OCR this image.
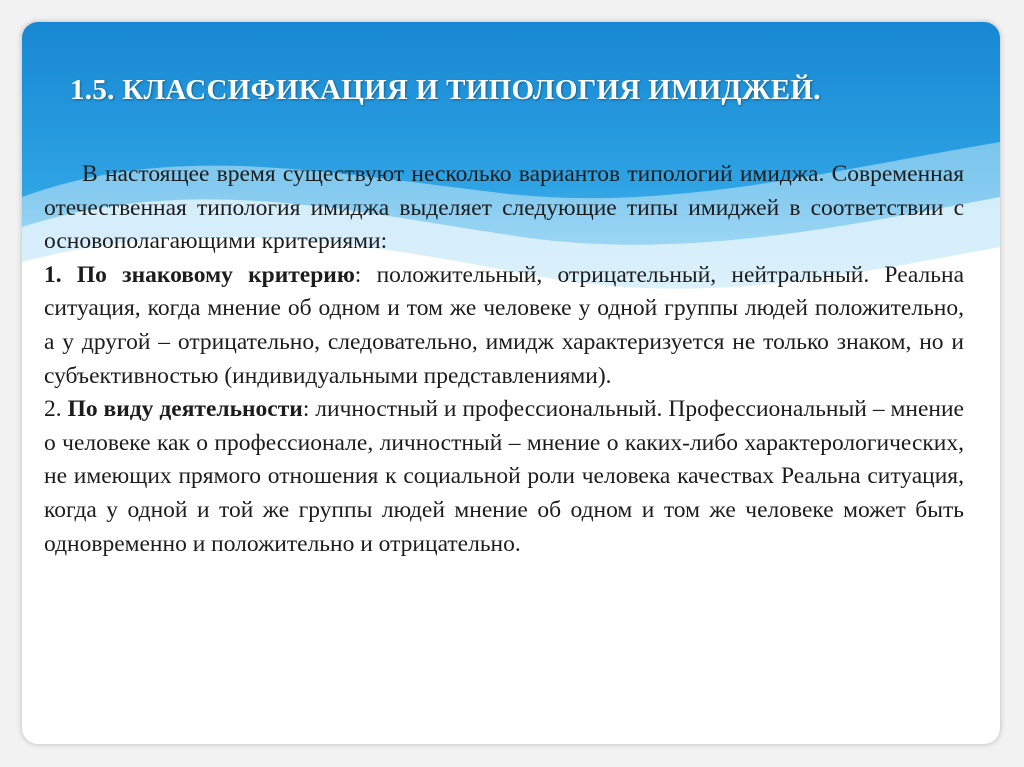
1.5. КЛАССИФИКАЦИЯ И ТИПОЛОГИЯ ИМИДЖЕЙ.

В настоящее время существуют несколько вариантов типологий имиджа. Современная отечественная типология имиджа выделяет следующие типы имиджей в соответствии с основополагающими критериями:

1. По знаковому критерию: положительный, отрицательный, нейтральный. Реальна ситуация, когда мнение об одном и том же человеке у одной группы людей положительно, а у другой – отрицательно, следовательно, имидж характеризуется не только знаком, но и субъективностью (индивидуальными представлениями).

2. По виду деятельности: личностный и профессиональный. Профессиональный – мнение о человеке как о профессионале, личностный – мнение о каких-либо характерологических, не имеющих прямого отношения к социальной роли человека качествах Реальна ситуация, когда у одной и той же группы людей мнение об одном и том же человеке может быть одновременно и положительно и отрицательно.
